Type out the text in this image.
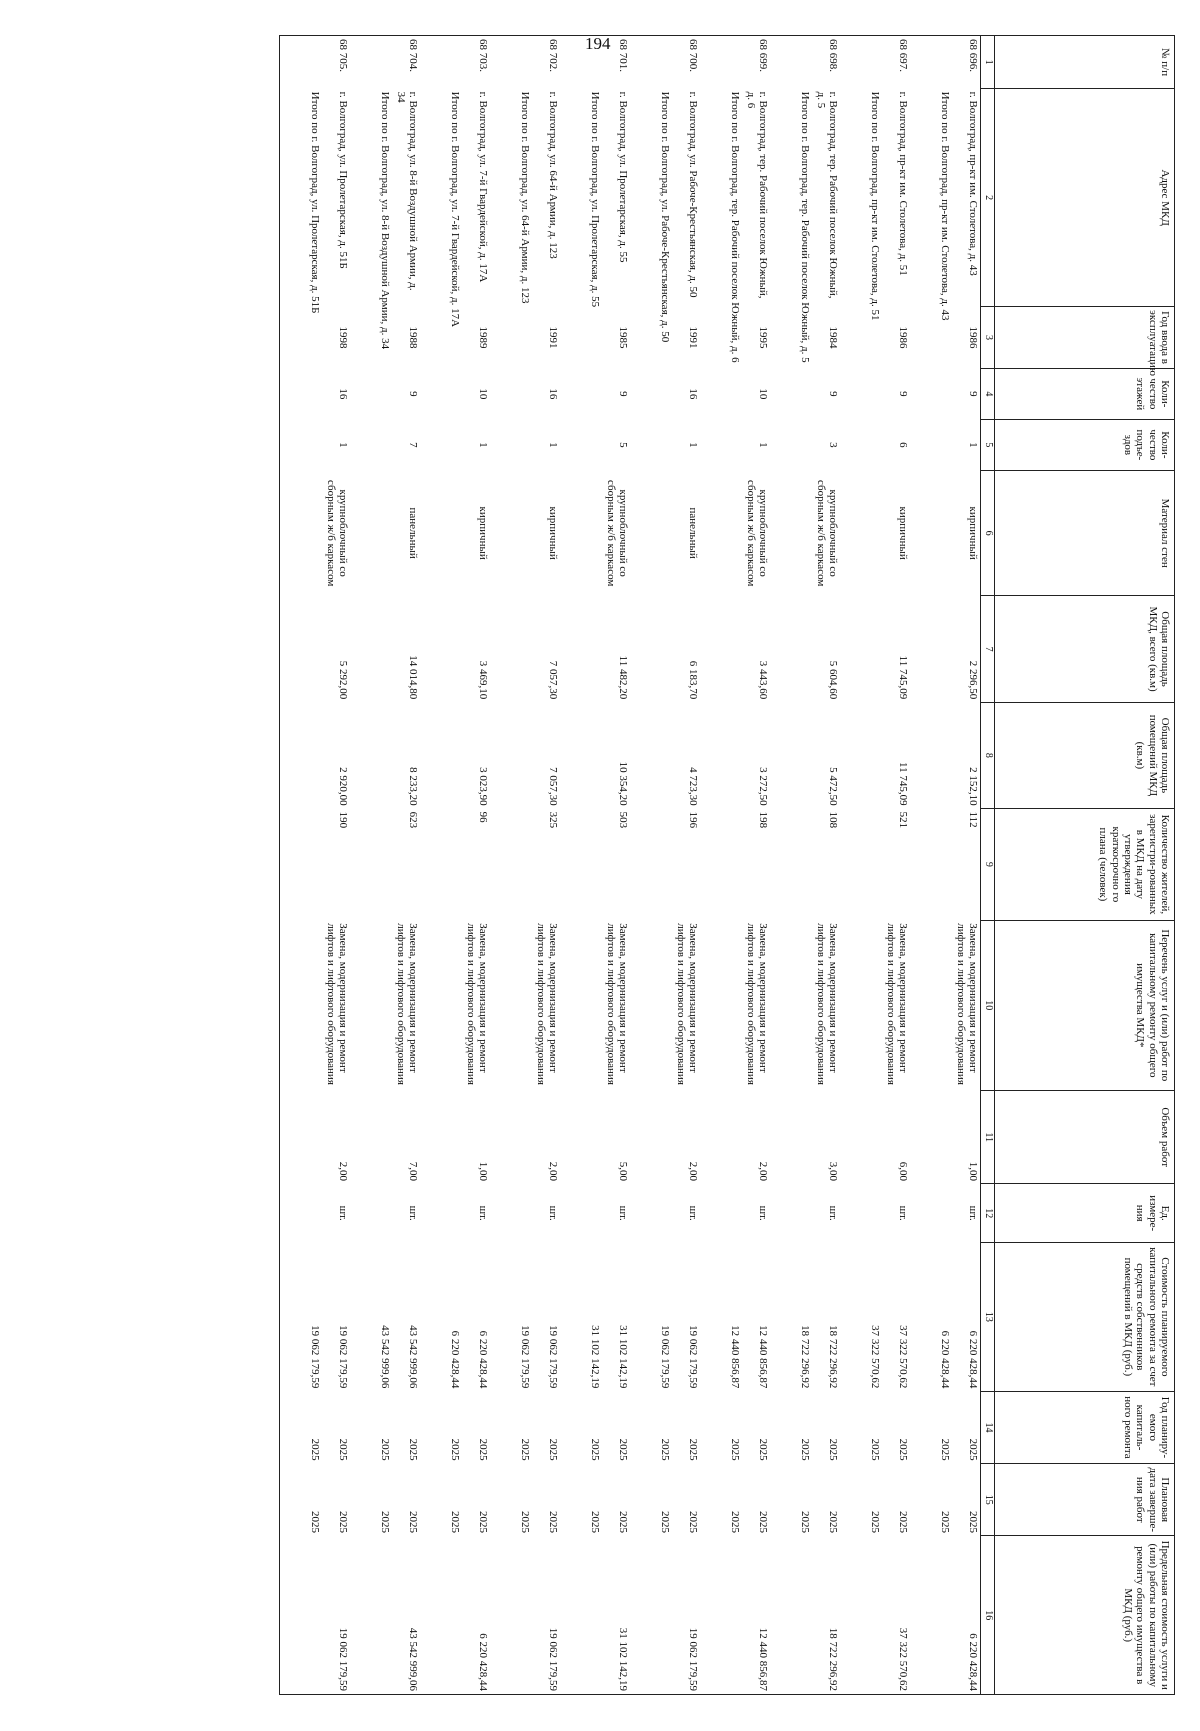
194
№ п/п	Адрес МКД	Год ввода в эксплуатацию	Коли-чество этажей	Коли-чество подъе-здов	Материал стен	Общая площадь МКД, всего (кв.м)	Общая площадь помещений МКД (кв.м)	Количество жителей, зарегистри-рованных в МКД на дату утверждения краткосрочно го плана (человек)	Перечень услуг и (или) работ по капитальному ремонту общего имущества МКД*	Объем работ	Ед. измере-ния	Стоимость планируемого капитального ремонта за счет средств собственников помещений в МКД (руб.)	Год планиру-емого капиталь-ного ремонта	Плановая дата заверше-ния работ	Предельная стоимость услуги и (или) работы по капитальному ремонту общего имущества в МКД (руб.)
1	2	3	4	5	6	7	8	9	10	11	12	13	14	15	16
68 696.	г. Волгоград, пр-кт им. Столетова, д. 43	1986	9	1	кирпичный	2 296,50	2 152,10	112	Замена, модернизация и ремонт лифтов и лифтового оборудования	1,00	шт.	6 220 428,44	2025	2025	6 220 428,44
	Итого по г. Волгоград, пр-кт им. Столетова, д. 43											6 220 428,44	2025	2025	
68 697.	г. Волгоград, пр-кт им. Столетова, д. 51	1986	9	6	кирпичный	11 745,09	11 745,09	521	Замена, модернизация и ремонт лифтов и лифтового оборудования	6,00	шт.	37 322 570,62	2025	2025	37 322 570,62
	Итого по г. Волгоград, пр-кт им. Столетова, д. 51											37 322 570,62	2025	2025	
68 698.	г. Волгоград, тер. Рабочий поселок Южный, д. 5	1984	9	3	крупноблочный со сборным ж/б каркасом	5 604,60	5 472,50	108	Замена, модернизация и ремонт лифтов и лифтового оборудования	3,00	шт.	18 722 296,92	2025	2025	18 722 296,92
	Итого по г. Волгоград, тер. Рабочий поселок Южный, д. 5											18 722 296,92	2025	2025	
68 699.	г. Волгоград, тер. Рабочий поселок Южный, д. 6	1995	10	1	крупноблочный со сборным ж/б каркасом	3 443,60	3 272,50	198	Замена, модернизация и ремонт лифтов и лифтового оборудования	2,00	шт.	12 440 856,87	2025	2025	12 440 856,87
	Итого по г. Волгоград, тер. Рабочий поселок Южный, д. 6											12 440 856,87	2025	2025	
68 700.	г. Волгоград, ул. Рабоче-Крестьянская, д. 50	1991	16	1	панельный	6 183,70	4 723,30	196	Замена, модернизация и ремонт лифтов и лифтового оборудования	2,00	шт.	19 062 179,59	2025	2025	19 062 179,59
	Итого по г. Волгоград, ул. Рабоче-Крестьянская, д. 50											19 062 179,59	2025	2025	
68 701.	г. Волгоград, ул. Пролетарская, д. 55	1985	9	5	крупноблочный со сборным ж/б каркасом	11 482,20	10 354,20	503	Замена, модернизация и ремонт лифтов и лифтового оборудования	5,00	шт.	31 102 142,19	2025	2025	31 102 142,19
	Итого по г. Волгоград, ул. Пролетарская, д. 55											31 102 142,19	2025	2025	
68 702.	г. Волгоград, ул. 64-й Армии, д. 123	1991	16	1	кирпичный	7 057,30	7 057,30	325	Замена, модернизация и ремонт лифтов и лифтового оборудования	2,00	шт.	19 062 179,59	2025	2025	19 062 179,59
	Итого по г. Волгоград, ул. 64-й Армии, д. 123											19 062 179,59	2025	2025	
68 703.	г. Волгоград, ул. 7-й Гвардейской, д. 17А	1989	10	1	кирпичный	3 469,10	3 023,90	96	Замена, модернизация и ремонт лифтов и лифтового оборудования	1,00	шт.	6 220 428,44	2025	2025	6 220 428,44
	Итого по г. Волгоград, ул. 7-й Гвардейской, д. 17А											6 220 428,44	2025	2025	
68 704.	г. Волгоград, ул. 8-й Воздушной Армии, д. 34	1988	9	7	панельный	14 014,80	8 233,20	623	Замена, модернизация и ремонт лифтов и лифтового оборудования	7,00	шт.	43 542 999,06	2025	2025	43 542 999,06
	Итого по г. Волгоград, ул. 8-й Воздушной Армии, д. 34											43 542 999,06	2025	2025	
68 705.	г. Волгоград, ул. Пролетарская, д. 51Б	1998	16	1	крупноблочный со сборным ж/б каркасом	5 292,00	2 920,00	190	Замена, модернизация и ремонт лифтов и лифтового оборудования	2,00	шт.	19 062 179,59	2025	2025	19 062 179,59
	Итого по г. Волгоград, ул. Пролетарская, д. 51Б											19 062 179,59	2025	2025	
